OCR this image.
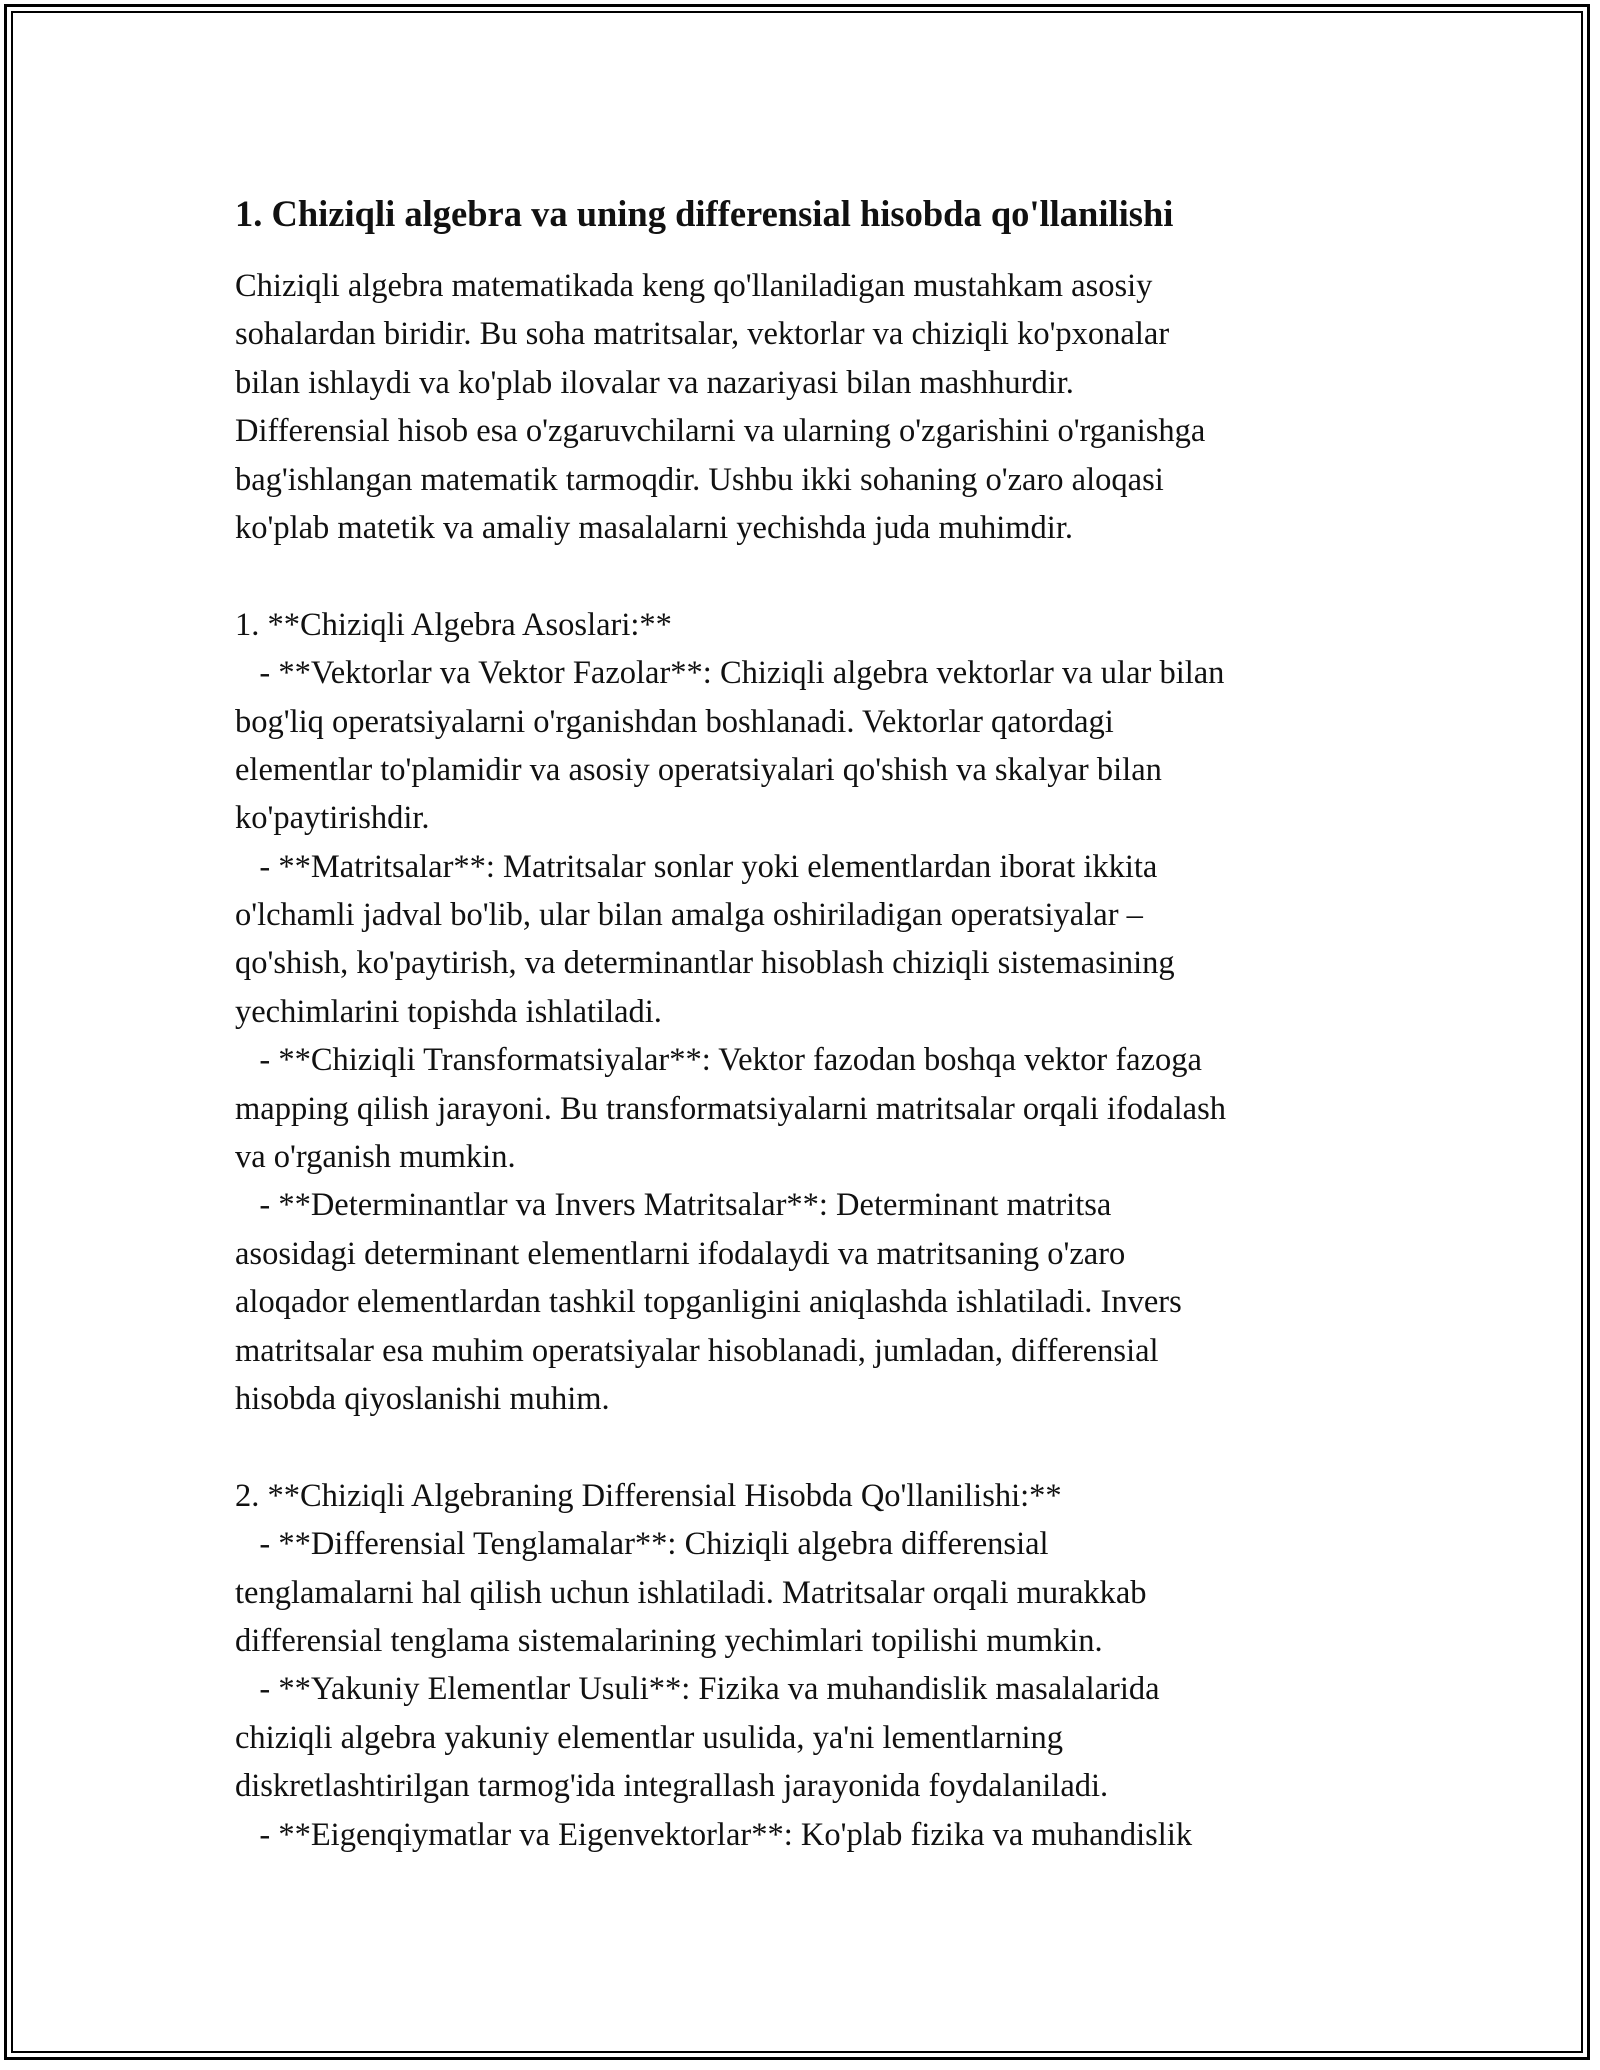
1. Chiziqli algebra va uning differensial hisobda qo'llanilishi
Chiziqli algebra matematikada keng qo'llaniladigan mustahkam asosiy
sohalardan biridir. Bu soha matritsalar, vektorlar va chiziqli ko'pxonalar
bilan ishlaydi va ko'plab ilovalar va nazariyasi bilan mashhurdir.
Differensial hisob esa o'zgaruvchilarni va ularning o'zgarishini o'rganishga
bag'ishlangan matematik tarmoqdir. Ushbu ikki sohaning o'zaro aloqasi
ko'plab matetik va amaliy masalalarni yechishda juda muhimdir.
1. **Chiziqli Algebra Asoslari:**
- **Vektorlar va Vektor Fazolar**: Chiziqli algebra vektorlar va ular bilan
bog'liq operatsiyalarni o'rganishdan boshlanadi. Vektorlar qatordagi
elementlar to'plamidir va asosiy operatsiyalari qo'shish va skalyar bilan
ko'paytirishdir.
- **Matritsalar**: Matritsalar sonlar yoki elementlardan iborat ikkita
o'lchamli jadval bo'lib, ular bilan amalga oshiriladigan operatsiyalar –
qo'shish, ko'paytirish, va determinantlar hisoblash chiziqli sistemasining
yechimlarini topishda ishlatiladi.
- **Chiziqli Transformatsiyalar**: Vektor fazodan boshqa vektor fazoga
mapping qilish jarayoni. Bu transformatsiyalarni matritsalar orqali ifodalash
va o'rganish mumkin.
- **Determinantlar va Invers Matritsalar**: Determinant matritsa
asosidagi determinant elementlarni ifodalaydi va matritsaning o'zaro
aloqador elementlardan tashkil topganligini aniqlashda ishlatiladi. Invers
matritsalar esa muhim operatsiyalar hisoblanadi, jumladan, differensial
hisobda qiyoslanishi muhim.
2. **Chiziqli Algebraning Differensial Hisobda Qo'llanilishi:**
- **Differensial Tenglamalar**: Chiziqli algebra differensial
tenglamalarni hal qilish uchun ishlatiladi. Matritsalar orqali murakkab
differensial tenglama sistemalarining yechimlari topilishi mumkin.
- **Yakuniy Elementlar Usuli**: Fizika va muhandislik masalalarida
chiziqli algebra yakuniy elementlar usulida, ya'ni lementlarning
diskretlashtirilgan tarmog'ida integrallash jarayonida foydalaniladi.
- **Eigenqiymatlar va Eigenvektorlar**: Ko'plab fizika va muhandislik
